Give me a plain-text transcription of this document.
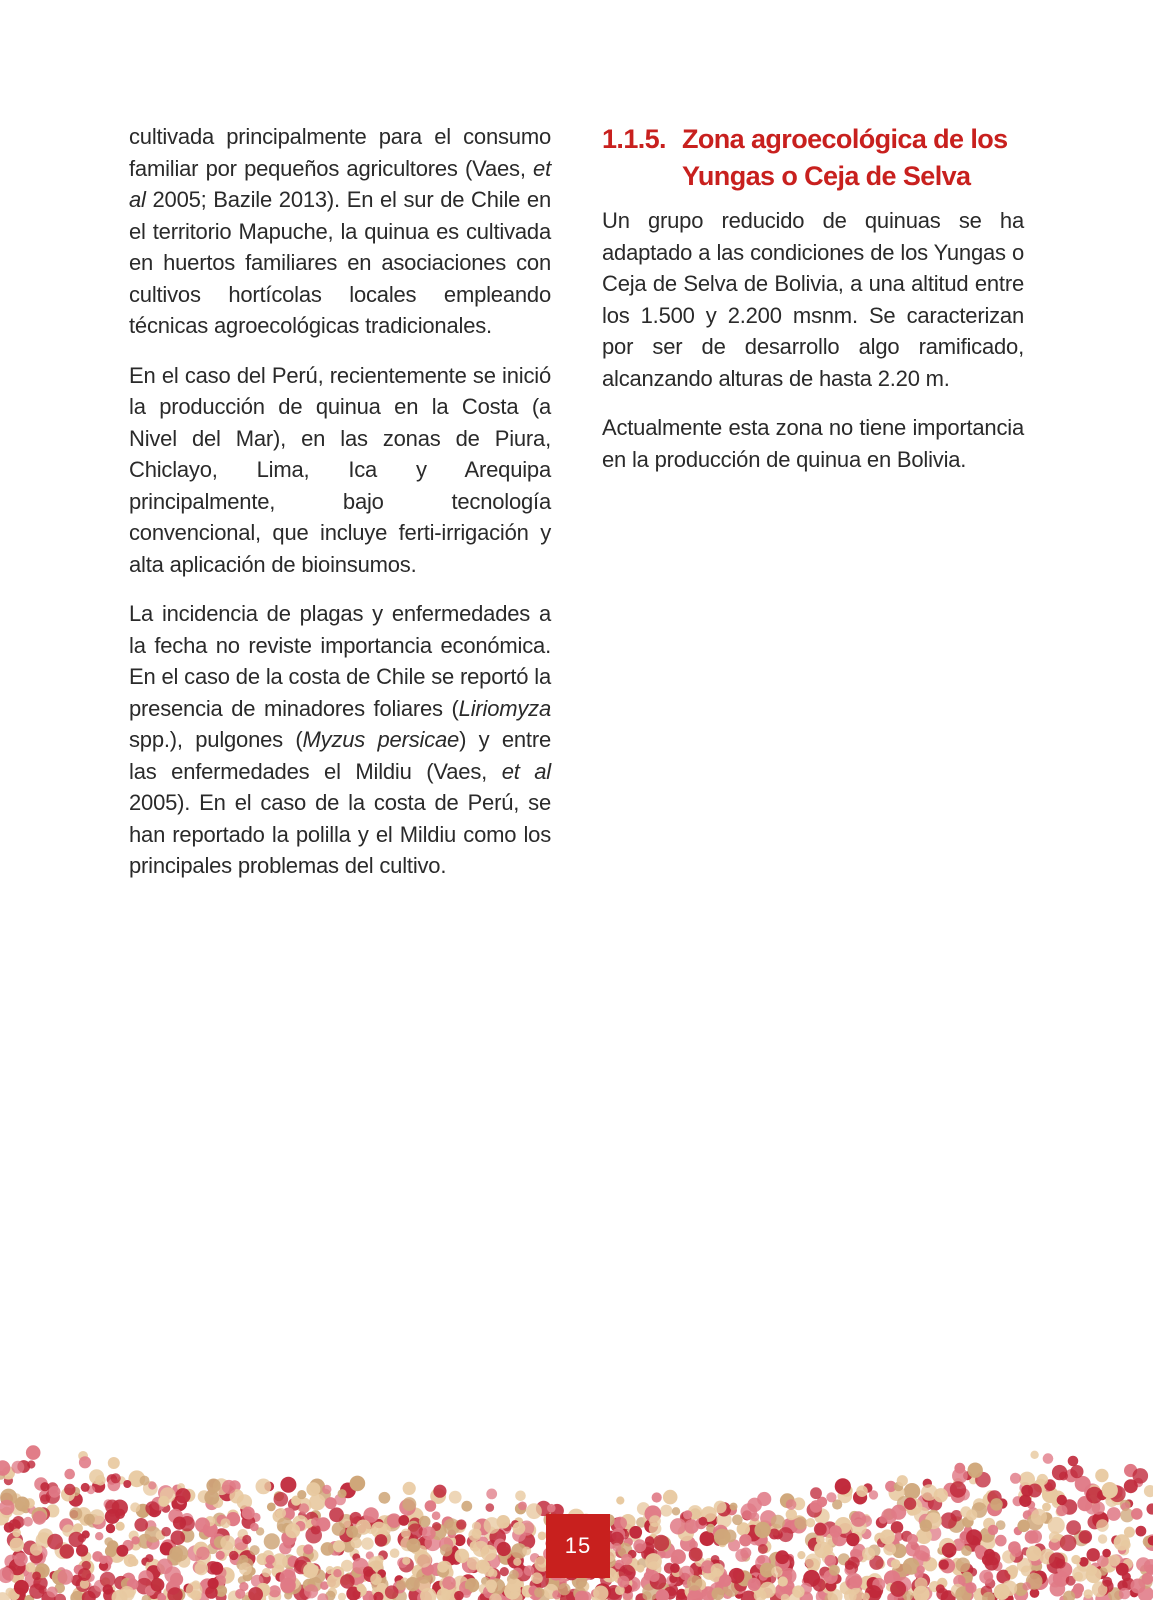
cultivada principalmente para el consumo familiar por pequeños agricultores (Vaes, et al 2005; Bazile 2013). En el sur de Chile en el territorio Mapuche, la quinua es cultivada en huertos familiares en asociaciones con cultivos hortícolas locales empleando técnicas agroecológicas tradicionales.

En el caso del Perú, recientemente se inició la producción de quinua en la Costa (a Nivel del Mar), en las zonas de Piura, Chiclayo, Lima, Ica y Arequipa principalmente, bajo tecnología convencional, que incluye ferti-irrigación y alta aplicación de bioinsumos.

La incidencia de plagas y enfermedades a la fecha no reviste importancia económica. En el caso de la costa de Chile se reportó la presencia de minadores foliares (Liriomyza spp.), pulgones (Myzus persicae) y entre las enfermedades el Mildiu (Vaes, et al 2005). En el caso de la costa de Perú, se han reportado la polilla y el Mildiu como los principales problemas del cultivo.

1.1.5. Zona agroecológica de los Yungas o Ceja de Selva

Un grupo reducido de quinuas se ha adaptado a las condiciones de los Yungas o Ceja de Selva de Bolivia, a una altitud entre los 1.500 y 2.200 msnm. Se caracterizan por ser de desarrollo algo ramificado, alcanzando alturas de hasta 2.20 m.

Actualmente esta zona no tiene importancia en la producción de quinua en Bolivia.

15
